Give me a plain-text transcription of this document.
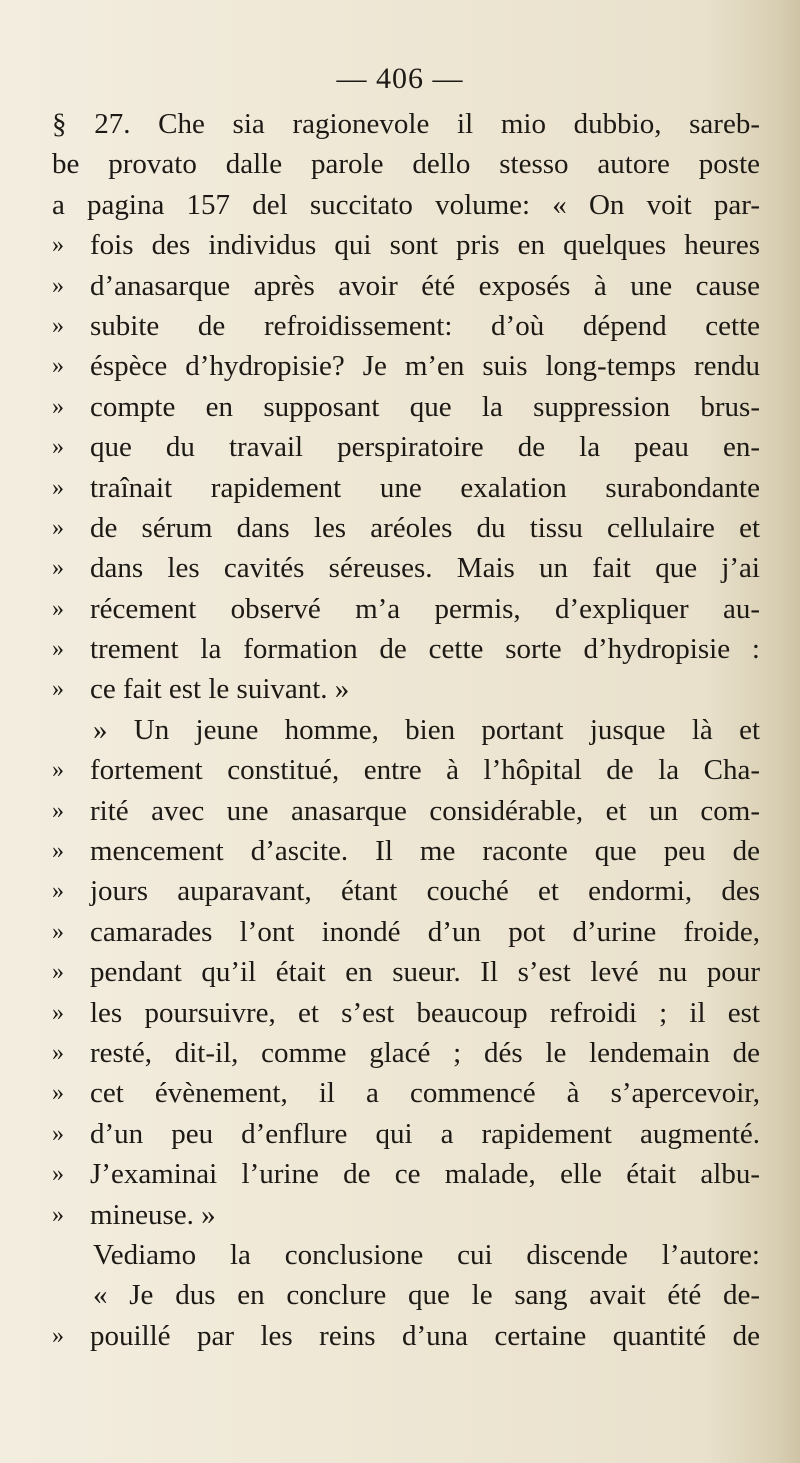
— 406 —
§ 27. Che sia ragionevole il mio dubbio, sareb-
be provato dalle parole dello stesso autore poste
a pagina 157 del succitato volume: « On voit par-
» fois des individus qui sont pris en quelques heures
» d’anasarque après avoir été exposés à une cause
» subite de refroidissement: d’où dépend cette
» éspèce d’hydropisie? Je m’en suis long-temps rendu
» compte en supposant que la suppression brus-
» que du travail perspiratoire de la peau en-
» traînait rapidement une exalation surabondante
» de sérum dans les aréoles du tissu cellulaire et
» dans les cavités séreuses. Mais un fait que j’ai
» récement observé m’a permis, d’expliquer au-
» trement la formation de cette sorte d’hydropisie :
» ce fait est le suivant. »
» Un jeune homme, bien portant jusque là et
» fortement constitué, entre à l’hôpital de la Cha-
» rité avec une anasarque considérable, et un com-
» mencement d’ascite. Il me raconte que peu de
» jours auparavant, étant couché et endormi, des
» camarades l’ont inondé d’un pot d’urine froide,
» pendant qu’il était en sueur. Il s’est levé nu pour
» les poursuivre, et s’est beaucoup refroidi ; il est
» resté, dit-il, comme glacé ; dés le lendemain de
» cet évènement, il a commencé à s’apercevoir,
» d’un peu d’enflure qui a rapidement augmenté.
» J’examinai l’urine de ce malade, elle était albu-
» mineuse. »
Vediamo la conclusione cui discende l’autore:
« Je dus en conclure que le sang avait été de-
» pouillé par les reins d’una certaine quantité de
